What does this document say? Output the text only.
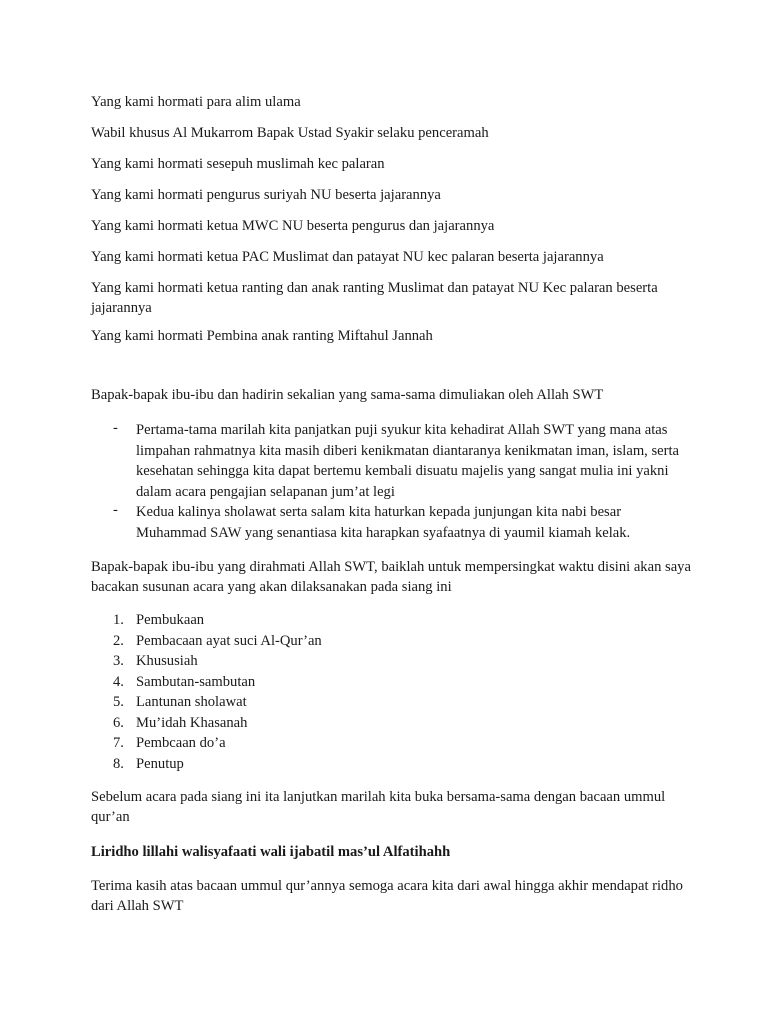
Yang kami hormati para alim ulama

Wabil khusus Al Mukarrom Bapak Ustad Syakir selaku penceramah

Yang kami hormati sesepuh muslimah kec palaran

Yang kami hormati pengurus suriyah NU beserta jajarannya

Yang kami hormati ketua MWC NU beserta pengurus dan jajarannya

Yang kami hormati ketua PAC Muslimat dan patayat NU kec palaran beserta jajarannya

Yang kami hormati ketua ranting dan anak ranting Muslimat dan patayat NU Kec palaran beserta jajarannya

Yang kami hormati Pembina anak ranting Miftahul Jannah

Bapak-bapak ibu-ibu dan hadirin sekalian yang sama-sama dimuliakan oleh Allah SWT

- Pertama-tama marilah kita panjatkan puji syukur kita kehadirat Allah SWT yang mana atas limpahan rahmatnya kita masih diberi kenikmatan diantaranya kenikmatan iman, islam, serta kesehatan sehingga kita dapat bertemu kembali disuatu majelis yang sangat mulia ini yakni dalam acara pengajian selapanan jum’at legi
- Kedua kalinya sholawat serta salam kita haturkan kepada junjungan kita nabi besar Muhammad SAW yang senantiasa kita harapkan syafaatnya di yaumil kiamah kelak.

Bapak-bapak ibu-ibu yang dirahmati Allah SWT, baiklah untuk mempersingkat waktu disini akan saya bacakan susunan acara yang akan dilaksanakan pada siang ini

1. Pembukaan
2. Pembacaan ayat suci Al-Qur’an
3. Khususiah
4. Sambutan-sambutan
5. Lantunan sholawat
6. Mu’idah Khasanah
7. Pembcaan do’a
8. Penutup

Sebelum acara pada siang ini ita lanjutkan marilah kita buka bersama-sama dengan bacaan ummul qur’an

Liridho lillahi walisyafaati wali ijabatil mas’ul Alfatihahh

Terima kasih atas bacaan ummul qur’annya semoga acara kita dari awal hingga akhir mendapat ridho dari Allah SWT
